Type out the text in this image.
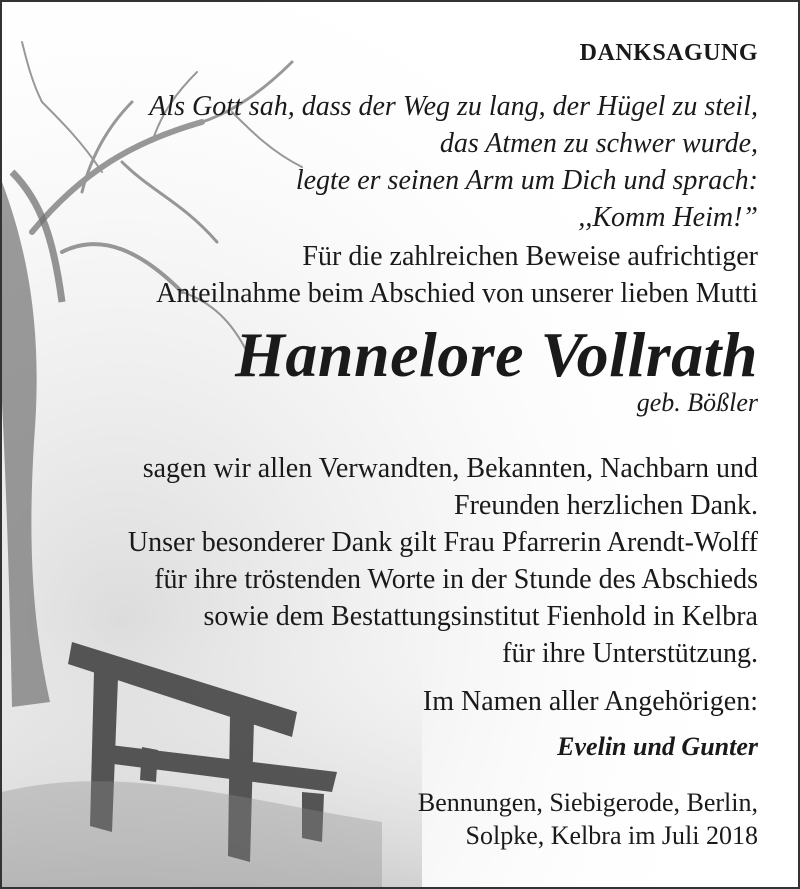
DANKSAGUNG
Als Gott sah, dass der Weg zu lang, der Hügel zu steil,
das Atmen zu schwer wurde,
legte er seinen Arm um Dich und sprach:
,,Komm Heim!”
Für die zahlreichen Beweise aufrichtiger
Anteilnahme beim Abschied von unserer lieben Mutti
Hannelore Vollrath
geb. Bößler
sagen wir allen Verwandten, Bekannten, Nachbarn und
Freunden herzlichen Dank.
Unser besonderer Dank gilt Frau Pfarrerin Arendt-Wolff
für ihre tröstenden Worte in der Stunde des Abschieds
sowie dem Bestattungsinstitut Fienhold in Kelbra
für ihre Unterstützung.
Im Namen aller Angehörigen:
Evelin und Gunter
Bennungen, Siebigerode, Berlin,
Solpke, Kelbra im Juli 2018
